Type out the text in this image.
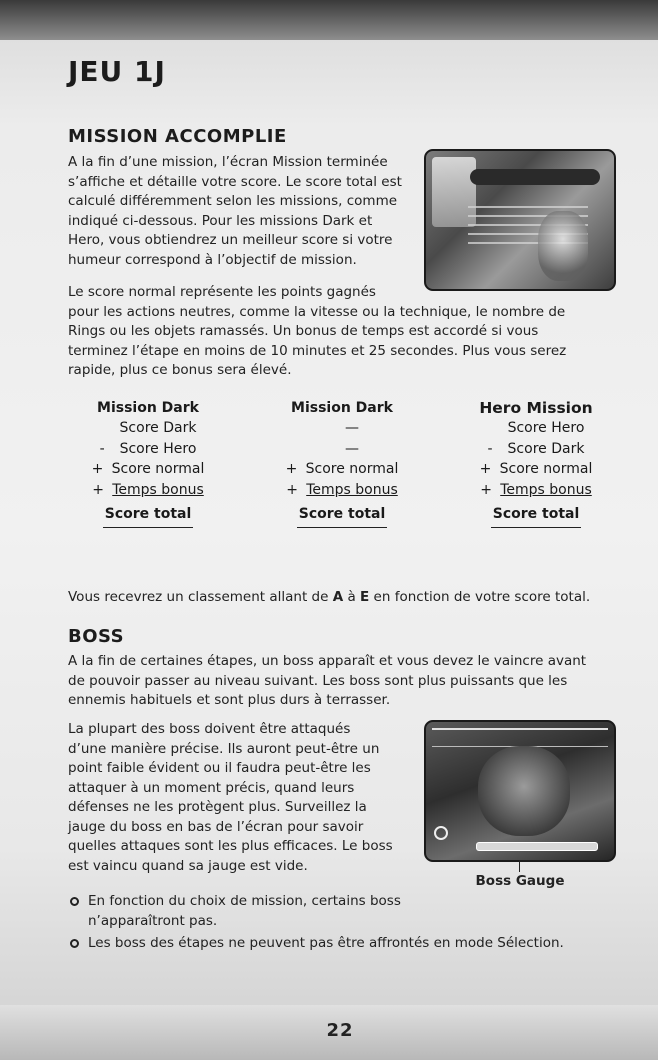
JEU 1J
MISSION ACCOMPLIE
A la fin d’une mission, l’écran Mission terminée
s’affiche et détaille votre score. Le score total est
calculé différemment selon les missions, comme
indiqué ci-dessous. Pour les missions Dark et
Hero, vous obtiendrez un meilleur score si votre
humeur correspond à l’objectif de mission.
Le score normal représente les points gagnés
pour les actions neutres, comme la vitesse ou la technique, le nombre de
Rings ou les objets ramassés. Un bonus de temps est accordé si vous
terminez l’étape en moins de 10 minutes et 25 secondes. Plus vous serez
rapide, plus ce bonus sera élevé.
Mission Dark
Score Dark
- Score Hero
+ Score normal
+ Temps bonus
Score total
Mission Dark
—
—
+ Score normal
+ Temps bonus
Score total
Hero Mission
Score Hero
- Score Dark
+ Score normal
+ Temps bonus
Score total

Vous recevrez un classement allant de A à E en fonction de votre score total.

BOSS
A la fin de certaines étapes, un boss apparaît et vous devez le vaincre avant
de pouvoir passer au niveau suivant. Les boss sont plus puissants que les
ennemis habituels et sont plus durs à terrasser.
La plupart des boss doivent être attaqués
d’une manière précise. Ils auront peut-être un
point faible évident ou il faudra peut-être les
attaquer à un moment précis, quand leurs
défenses ne les protègent plus. Surveillez la
jauge du boss en bas de l’écran pour savoir
quelles attaques sont les plus efficaces. Le boss
est vaincu quand sa jauge est vide.

Boss Gauge

En fonction du choix de mission, certains boss
n’apparaîtront pas.
Les boss des étapes ne peuvent pas être affrontés en mode Sélection.

22
